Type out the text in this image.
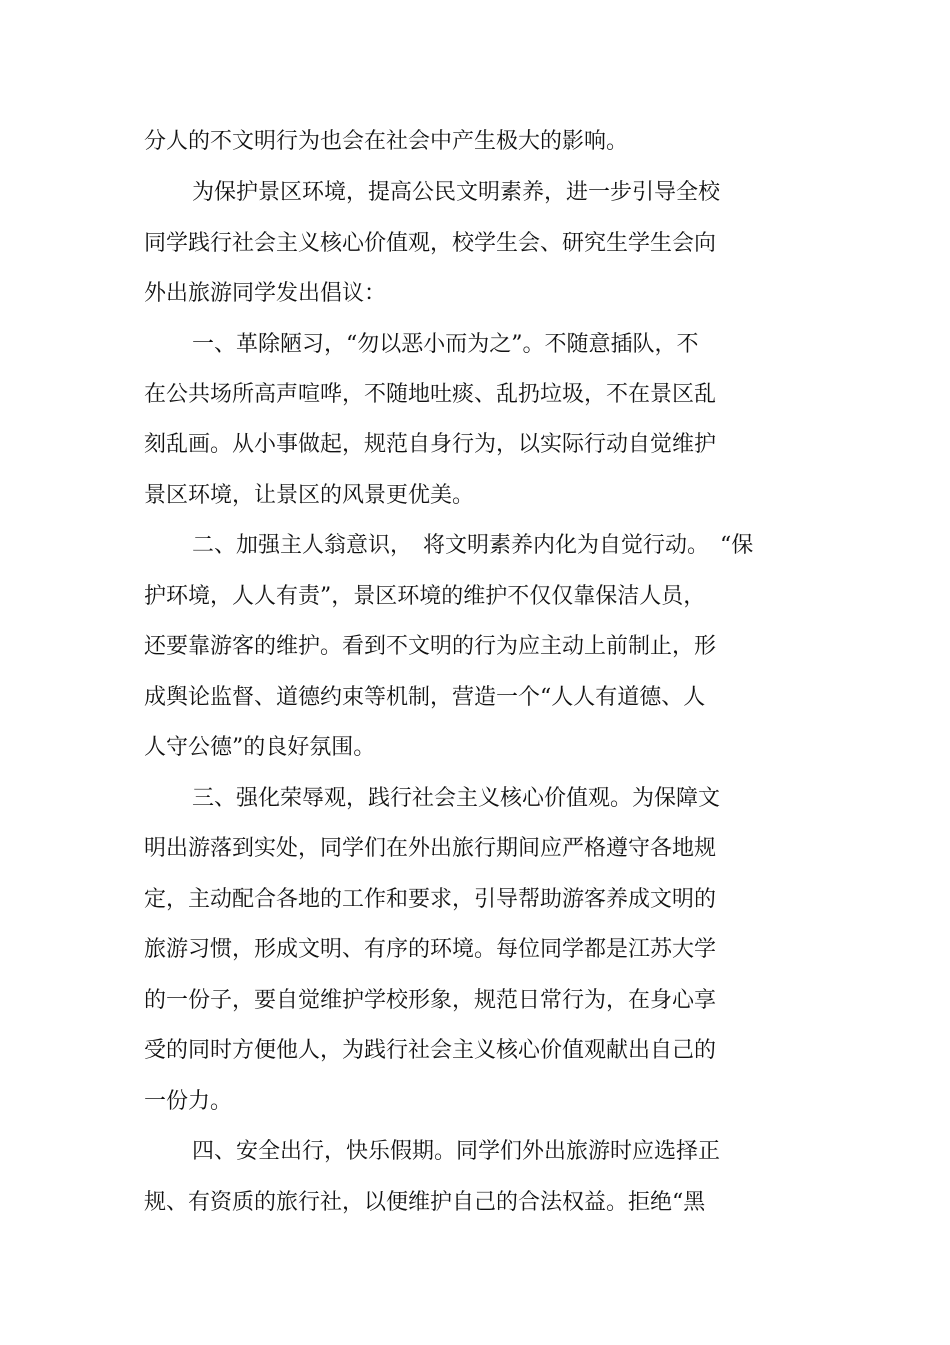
分人的不文明行为也会在社会中产生极大的影响。
为保护景区环境，提高公民文明素养，进一步引导全校
同学践行社会主义核心价值观，校学生会、研究生学生会向
外出旅游同学发出倡议：
一、革除陋习，“勿以恶小而为之”。不随意插队，不
在公共场所高声喧哗，不随地吐痰、乱扔垃圾，不在景区乱
刻乱画。从小事做起，规范自身行为，以实际行动自觉维护
景区环境，让景区的风景更优美。
二、加强主人翁意识，　将文明素养内化为自觉行动。　“保
护环境，人人有责”，景区环境的维护不仅仅靠保洁人员，
还要靠游客的维护。看到不文明的行为应主动上前制止，形
成舆论监督、道德约束等机制，营造一个“人人有道德、人
人守公德”的良好氛围。
三、强化荣辱观，践行社会主义核心价值观。为保障文
明出游落到实处，同学们在外出旅行期间应严格遵守各地规
定，主动配合各地的工作和要求，引导帮助游客养成文明的
旅游习惯，形成文明、有序的环境。每位同学都是江苏大学
的一份子，要自觉维护学校形象，规范日常行为，在身心享
受的同时方便他人，为践行社会主义核心价值观献出自己的
一份力。
四、安全出行，快乐假期。同学们外出旅游时应选择正
规、有资质的旅行社，以便维护自己的合法权益。拒绝“黑
